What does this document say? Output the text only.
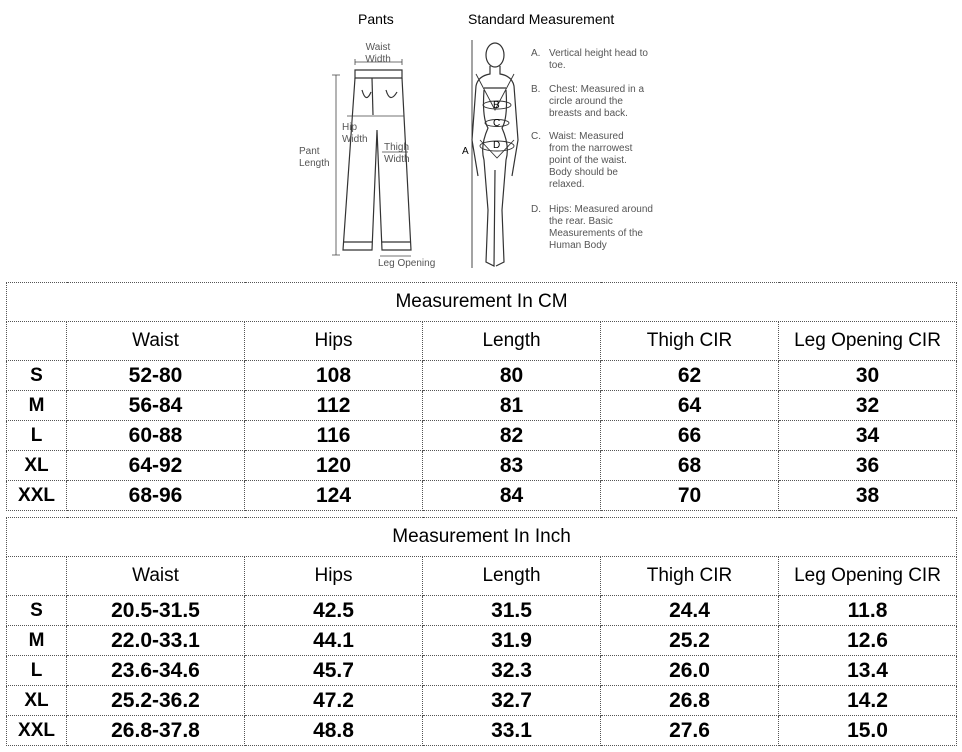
Pants	Standard Measurement
Waist Width
Hip Width
Thigh Width
Pant Length
Leg Opening
A
B
C
D
A. Vertical height head to toe.
B. Chest: Measured in a circle around the breasts and back.
C. Waist: Measured from the narrowest point of the waist. Body should be relaxed.
D. Hips: Measured around the rear. Basic Measurements of the Human Body
Measurement In CM					
	Waist	Hips	Length	Thigh CIR	Leg Opening CIR
S	52-80	108	80	62	30
M	56-84	112	81	64	32
L	60-88	116	82	66	34
XL	64-92	120	83	68	36
XXL	68-96	124	84	70	38
Measurement In Inch					
	Waist	Hips	Length	Thigh CIR	Leg Opening CIR
S	20.5-31.5	42.5	31.5	24.4	11.8
M	22.0-33.1	44.1	31.9	25.2	12.6
L	23.6-34.6	45.7	32.3	26.0	13.4
XL	25.2-36.2	47.2	32.7	26.8	14.2
XXL	26.8-37.8	48.8	33.1	27.6	15.0
